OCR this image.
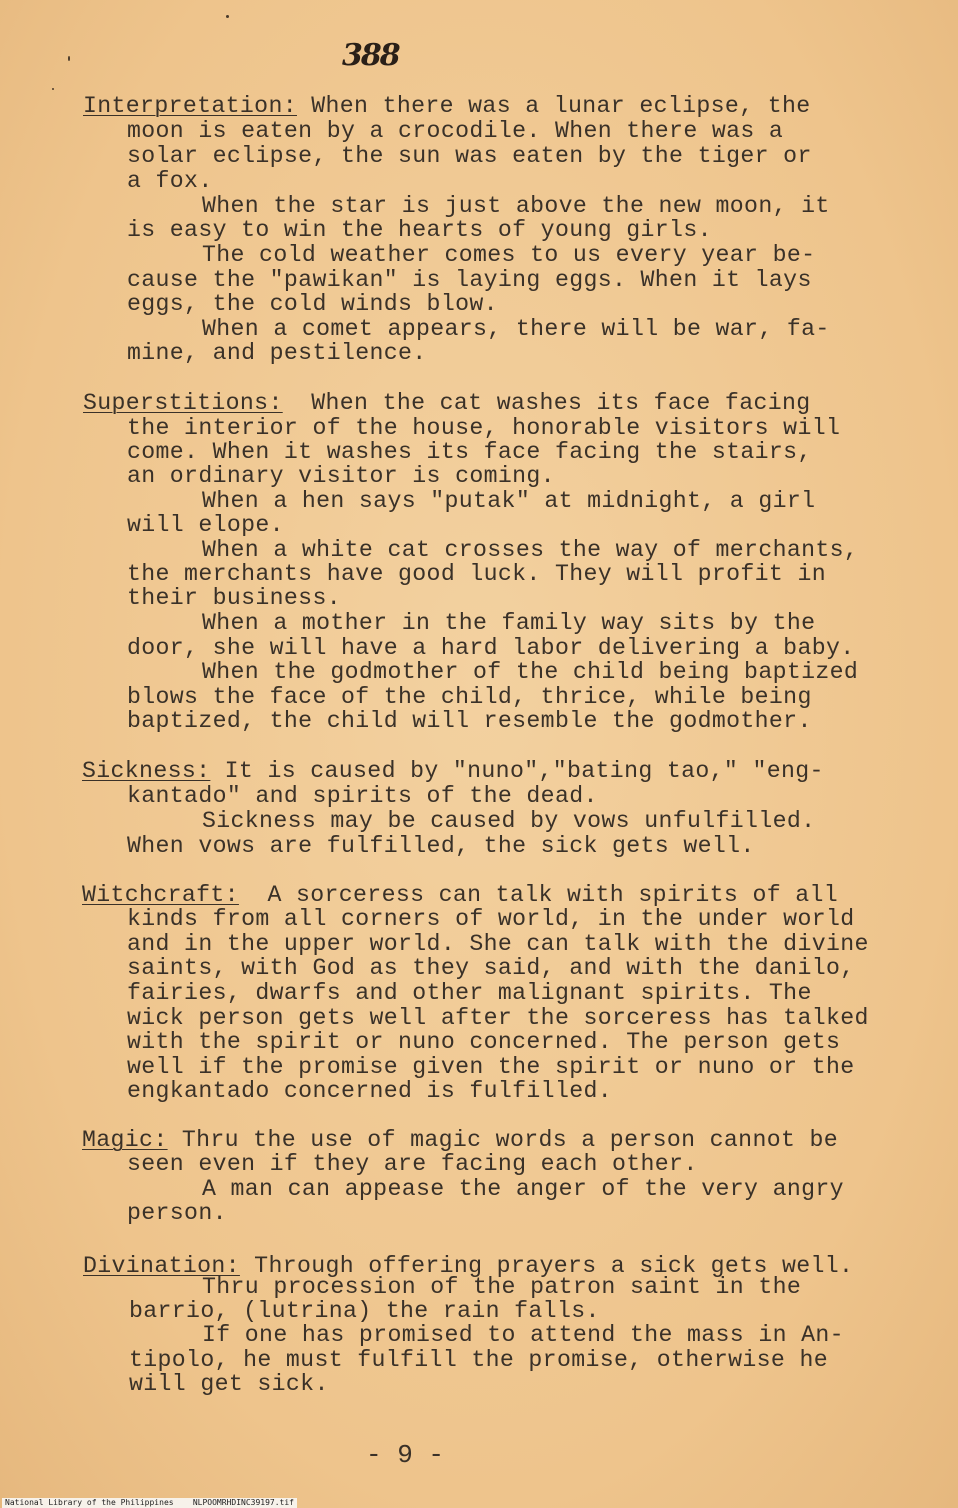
388
Interpretation: When there was a lunar eclipse, the
moon is eaten by a crocodile. When there was a
solar eclipse, the sun was eaten by the tiger or
a fox.
When the star is just above the new moon, it
is easy to win the hearts of young girls.
The cold weather comes to us every year be-
cause the "pawikan" is laying eggs. When it lays
eggs, the cold winds blow.
When a comet appears, there will be war, fa-
mine, and pestilence.
Superstitions:  When the cat washes its face facing
the interior of the house, honorable visitors will
come. When it washes its face facing the stairs,
an ordinary visitor is coming.
When a hen says "putak" at midnight, a girl
will elope.
When a white cat crosses the way of merchants,
the merchants have good luck. They will profit in
their business.
When a mother in the family way sits by the
door, she will have a hard labor delivering a baby.
When the godmother of the child being baptized
blows the face of the child, thrice, while being
baptized, the child will resemble the godmother.
Sickness: It is caused by "nuno","bating tao," "eng-
kantado" and spirits of the dead.
Sickness may be caused by vows unfulfilled.
When vows are fulfilled, the sick gets well.
Witchcraft:  A sorceress can talk with spirits of all
kinds from all corners of world, in the under world
and in the upper world. She can talk with the divine
saints, with God as they said, and with the danilo,
fairies, dwarfs and other malignant spirits. The
wick person gets well after the sorceress has talked
with the spirit or nuno concerned. The person gets
well if the promise given the spirit or nuno or the
engkantado concerned is fulfilled.
Magic: Thru the use of magic words a person cannot be
seen even if they are facing each other.
A man can appease the anger of the very angry
person.
Divination: Through offering prayers a sick gets well.
Thru procession of the patron saint in the
barrio, (lutrina) the rain falls.
If one has promised to attend the mass in An-
tipolo, he must fulfill the promise, otherwise he
will get sick.
- 9 -
National Library of the Philippines    NLPOOMRHDINC39197.tif
